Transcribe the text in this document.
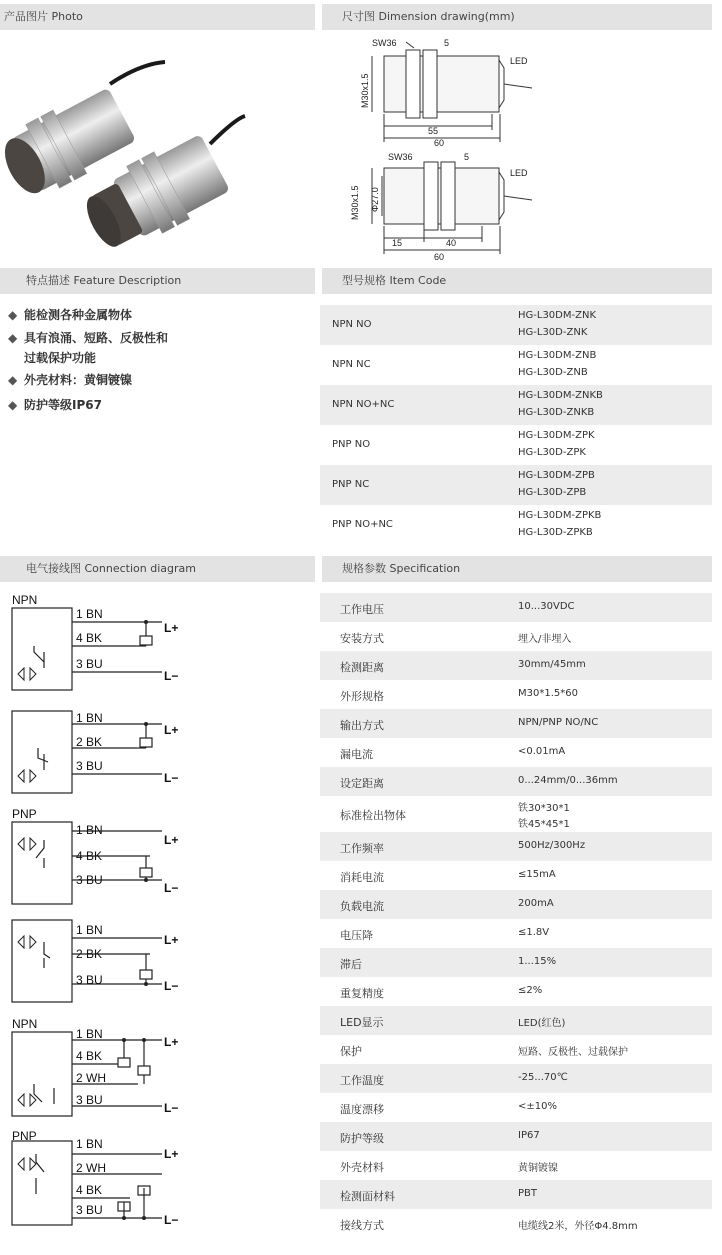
产品图片 Photo	尺寸图 Dimension drawing(mm)
SW36	5
LED
55
60
M30x1.5
SW36	5
LED
15	40
60
M30x1.5 Φ27.0
特点描述 Feature Description	型号规格 Item Code
◆ 能检测各种金属物体
◆ 具有浪涌、短路、反极性和
过载保护功能
◆ 外壳材料：黄铜镀镍
◆ 防护等级IP67
NPN NO
HG-L30DM-ZNK
HG-L30D-ZNK
NPN NC
HG-L30DM-ZNB
HG-L30D-ZNB
NPN NO+NC
HG-L30DM-ZNKB
HG-L30D-ZNKB
PNP NO
HG-L30DM-ZPK
HG-L30D-ZPK
PNP NC
HG-L30DM-ZPB
HG-L30D-ZPB
PNP NO+NC
HG-L30DM-ZPKB
HG-L30D-ZPKB
电气接线图 Connection diagram	规格参数 Specification
NPN
1 BN
4 BK
3 BU
L+
L−
1 BN
2 BK
3 BU
L+
L−
PNP
1 BN
4 BK
3 BU
L+
L−
1 BN
2 BK
3 BU
L+
L−
NPN
1 BN
4 BK
2 WH
3 BU
L+
L−
PNP
1 BN
2 WH
4 BK
3 BU
L+
L−
工作电压	10...30VDC
安装方式	埋入/非埋入
检测距离	30mm/45mm
外形规格	M30*1.5*60
输出方式	NPN/PNP NO/NC
漏电流	<0.01mA
设定距离	0...24mm/0...36mm
标准检出物体
铁30*30*1
铁45*45*1
工作频率	500Hz/300Hz
消耗电流	≤15mA
负载电流	200mA
电压降	≤1.8V
滞后	1...15%
重复精度	≤2%
LED显示	LED(红色)
保护	短路、反极性、过载保护
工作温度	-25...70℃
温度漂移	<±10%
防护等级	IP67
外壳材料	黄铜镀镍
检测面材料	PBT
接线方式	电缆线2米，外径Φ4.8mm
